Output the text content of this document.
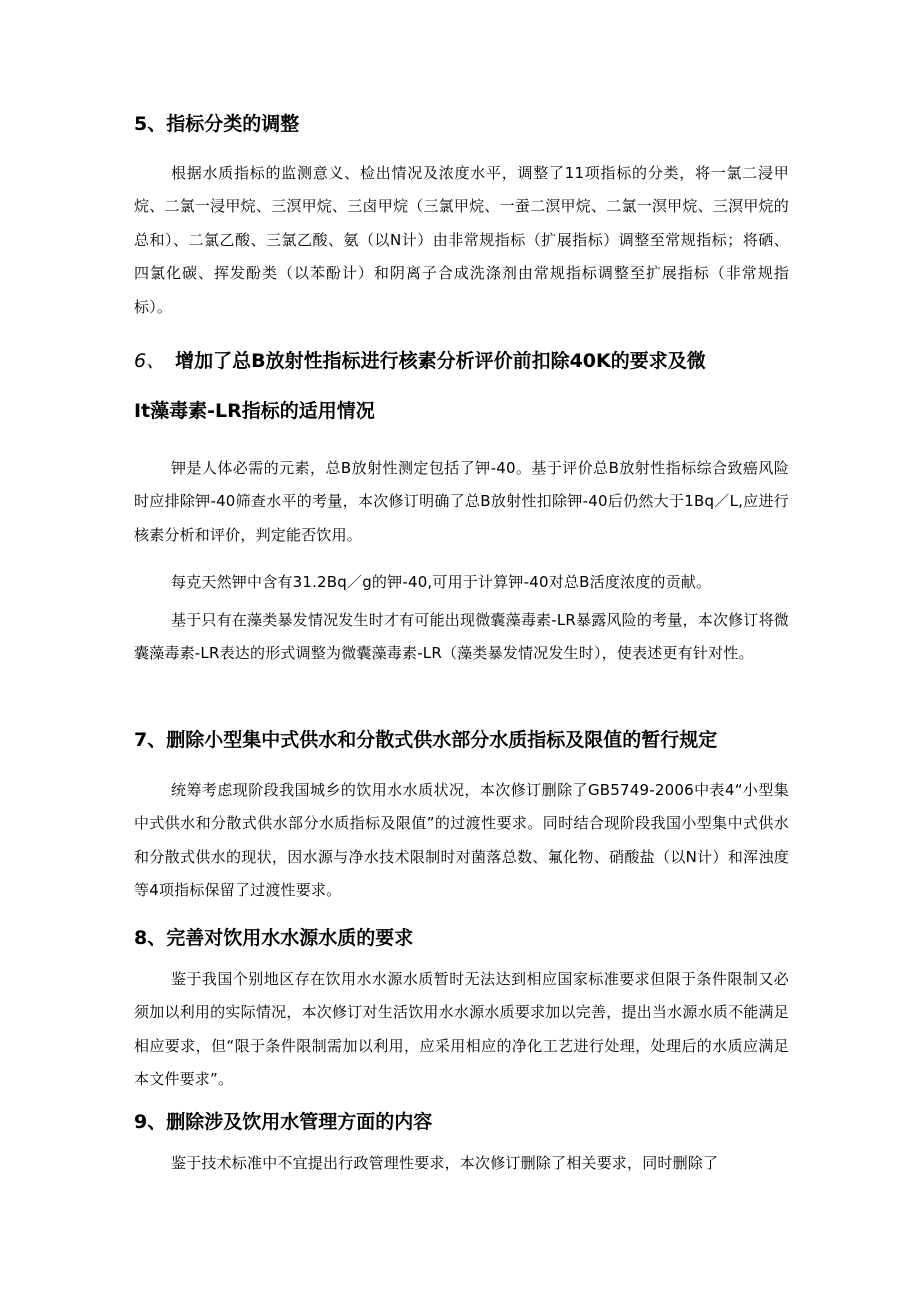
5、指标分类的调整

根据水质指标的监测意义、检出情况及浓度水平，调整了11项指标的分类，将一氯二浸甲烷、二氯一浸甲烷、三溟甲烷、三卤甲烷（三氯甲烷、一蚕二溟甲烷、二氯一溟甲烷、三溟甲烷的总和）、二氯乙酸、三氯乙酸、氨（以N计）由非常规指标（扩展指标）调整至常规指标；将硒、四氯化碳、挥发酚类（以苯酚计）和阴离子合成洗涤剂由常规指标调整至扩展指标（非常规指标）。

6、 增加了总B放射性指标进行核素分析评价前扣除40K的要求及微
It藻毒素-LR指标的适用情况

钾是人体必需的元素，总B放射性测定包括了钾-40。基于评价总B放射性指标综合致癌风险时应排除钾-40筛查水平的考量，本次修订明确了总B放射性扣除钾-40后仍然大于1Bq／L,应进行核素分析和评价，判定能否饮用。

每克天然钾中含有31.2Bq／g的钾-40,可用于计算钾-40对总B活度浓度的贡献。

基于只有在藻类暴发情况发生时才有可能出现微囊藻毒素-LR暴露风险的考量，本次修订将微囊藻毒素-LR表达的形式调整为微囊藻毒素-LR（藻类暴发情况发生时），使表述更有针对性。

7、删除小型集中式供水和分散式供水部分水质指标及限值的暂行规定

统筹考虑现阶段我国城乡的饮用水水质状况，本次修订删除了GB5749-2006中表4“小型集中式供水和分散式供水部分水质指标及限值”的过渡性要求。同时结合现阶段我国小型集中式供水和分散式供水的现状，因水源与净水技术限制时对菌落总数、氟化物、硝酸盐（以N计）和浑浊度等4项指标保留了过渡性要求。

8、完善对饮用水水源水质的要求

鉴于我国个别地区存在饮用水水源水质暂时无法达到相应国家标准要求但限于条件限制又必须加以利用的实际情况，本次修订对生活饮用水水源水质要求加以完善，提出当水源水质不能满足相应要求，但“限于条件限制需加以利用，应采用相应的净化工艺进行处理，处理后的水质应满足本文件要求”。

9、删除涉及饮用水管理方面的内容

鉴于技术标准中不宜提出行政管理性要求，本次修订删除了相关要求，同时删除了
